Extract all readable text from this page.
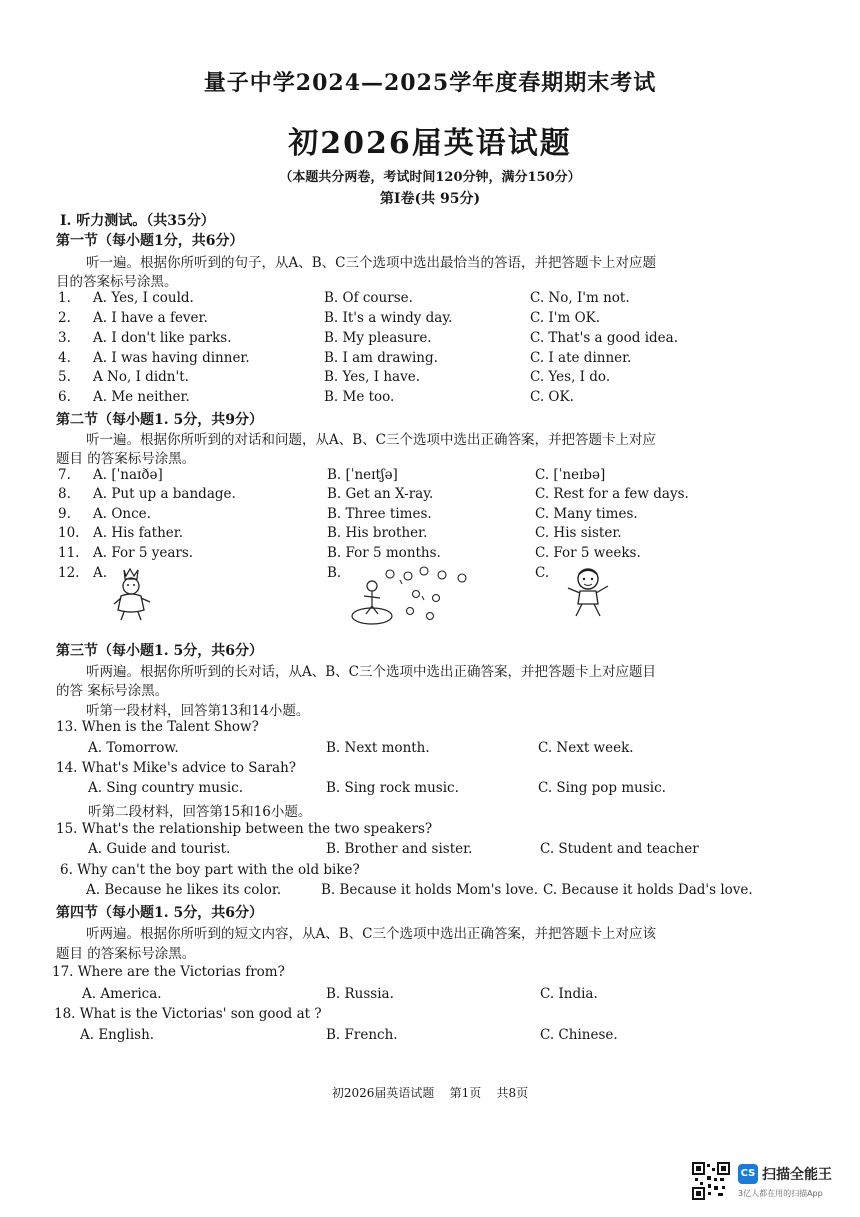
量子中学2024—2025学年度春期期末考试
初2026届英语试题
（本题共分两卷，考试时间120分钟，满分150分）
第Ⅰ卷(共 95分)
Ⅰ. 听力测试。（共35分）
第一节（每小题1分，共6分）
听一遍。根据你所听到的句子，从A、B、C三个选项中选出最恰当的答语，并把答题卡上对应题
目的答案标号涂黑。
1. A. Yes, I could.	B. Of course.	C. No, I'm not.
2. A. I have a fever.	B. It's a windy day.	C. I'm OK.
3. A. I don't like parks.	B. My pleasure.	C. That's a good idea.
4. A. I was having dinner.	B. I am drawing.	C. I ate dinner.
5. A No, I didn't.	B. Yes, I have.	C. Yes, I do.
6. A. Me neither.	B. Me too.	C. OK.
第二节（每小题1. 5分，共9分）
听一遍。根据你所听到的对话和问题，从A、B、C三个选项中选出正确答案，并把答题卡上对应
题目 的答案标号涂黑。
7. A. [ˈnaɪðə]	B. [ˈneɪtʃə]	C. [ˈneɪbə]
8. A. Put up a bandage.	B. Get an X-ray.	C. Rest for a few days.
9. A. Once.	B. Three times.	C. Many times.
10. A. His father.	B. His brother.	C. His sister.
11. A. For 5 years.	B. For 5 months.	C. For 5 weeks.
12. A.	B.	C.
第三节（每小题1. 5分，共6分）
听两遍。根据你所听到的长对话，从A、B、C三个选项中选出正确答案，并把答题卡上对应题目
的答 案标号涂黑。
听第一段材料，回答第13和14小题。
13. When is the Talent Show?
A. Tomorrow.	B. Next month.	C. Next week.
14. What's Mike's advice to Sarah?
A. Sing country music.	B. Sing rock music.	C. Sing pop music.
听第二段材料，回答第15和16小题。
15. What's the relationship between the two speakers?
A. Guide and tourist.	B. Brother and sister.	C. Student and teacher
6. Why can't the boy part with the old bike?
A. Because he likes its color.	B. Because it holds Mom's love. C. Because it holds Dad's love.
第四节（每小题1. 5分，共6分）
听两遍。根据你所听到的短文内容，从A、B、C三个选项中选出正确答案，并把答题卡上对应该
题目 的答案标号涂黑。
17. Where are the Victorias from?
A. America.	B. Russia.	C. India.
18. What is the Victorias' son good at ?
A. English.	B. French.	C. Chinese.
初2026届英语试题    第1页    共8页
CS 扫描全能王
3亿人都在用的扫描App
